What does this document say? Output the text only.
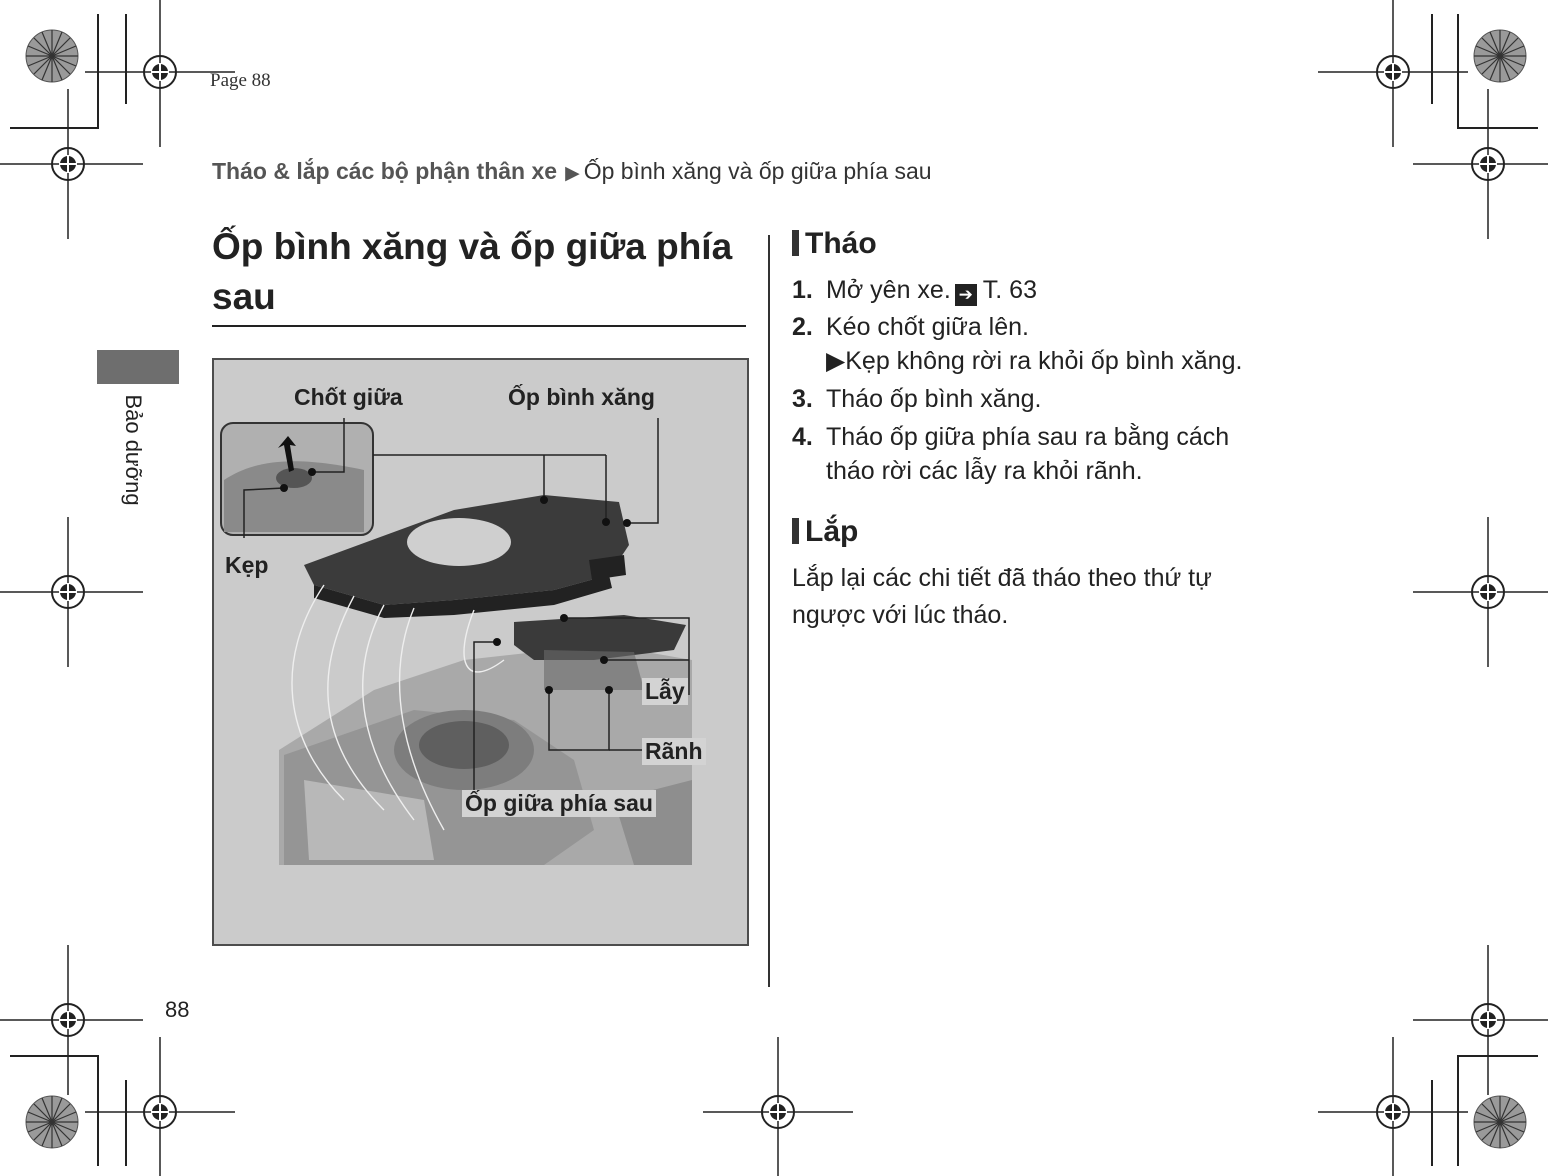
Page 88
Tháo & lắp các bộ phận thân xe ▶ Ốp bình xăng và ốp giữa phía sau
Ốp bình xăng và ốp giữa phía sau
Bảo dưỡng	Chốt giữa	Ốp bình xăng
Kẹp
Lẫy
Rãnh
Ốp giữa phía sau
Tháo
1. Mở yên xe. ➔ T. 63
2. Kéo chốt giữa lên.
▶Kẹp không rời ra khỏi ốp bình xăng.
3. Tháo ốp bình xăng.
4. Tháo ốp giữa phía sau ra bằng cách
tháo rời các lẫy ra khỏi rãnh.
Lắp
Lắp lại các chi tiết đã tháo theo thứ tự
ngược với lúc tháo.
88
